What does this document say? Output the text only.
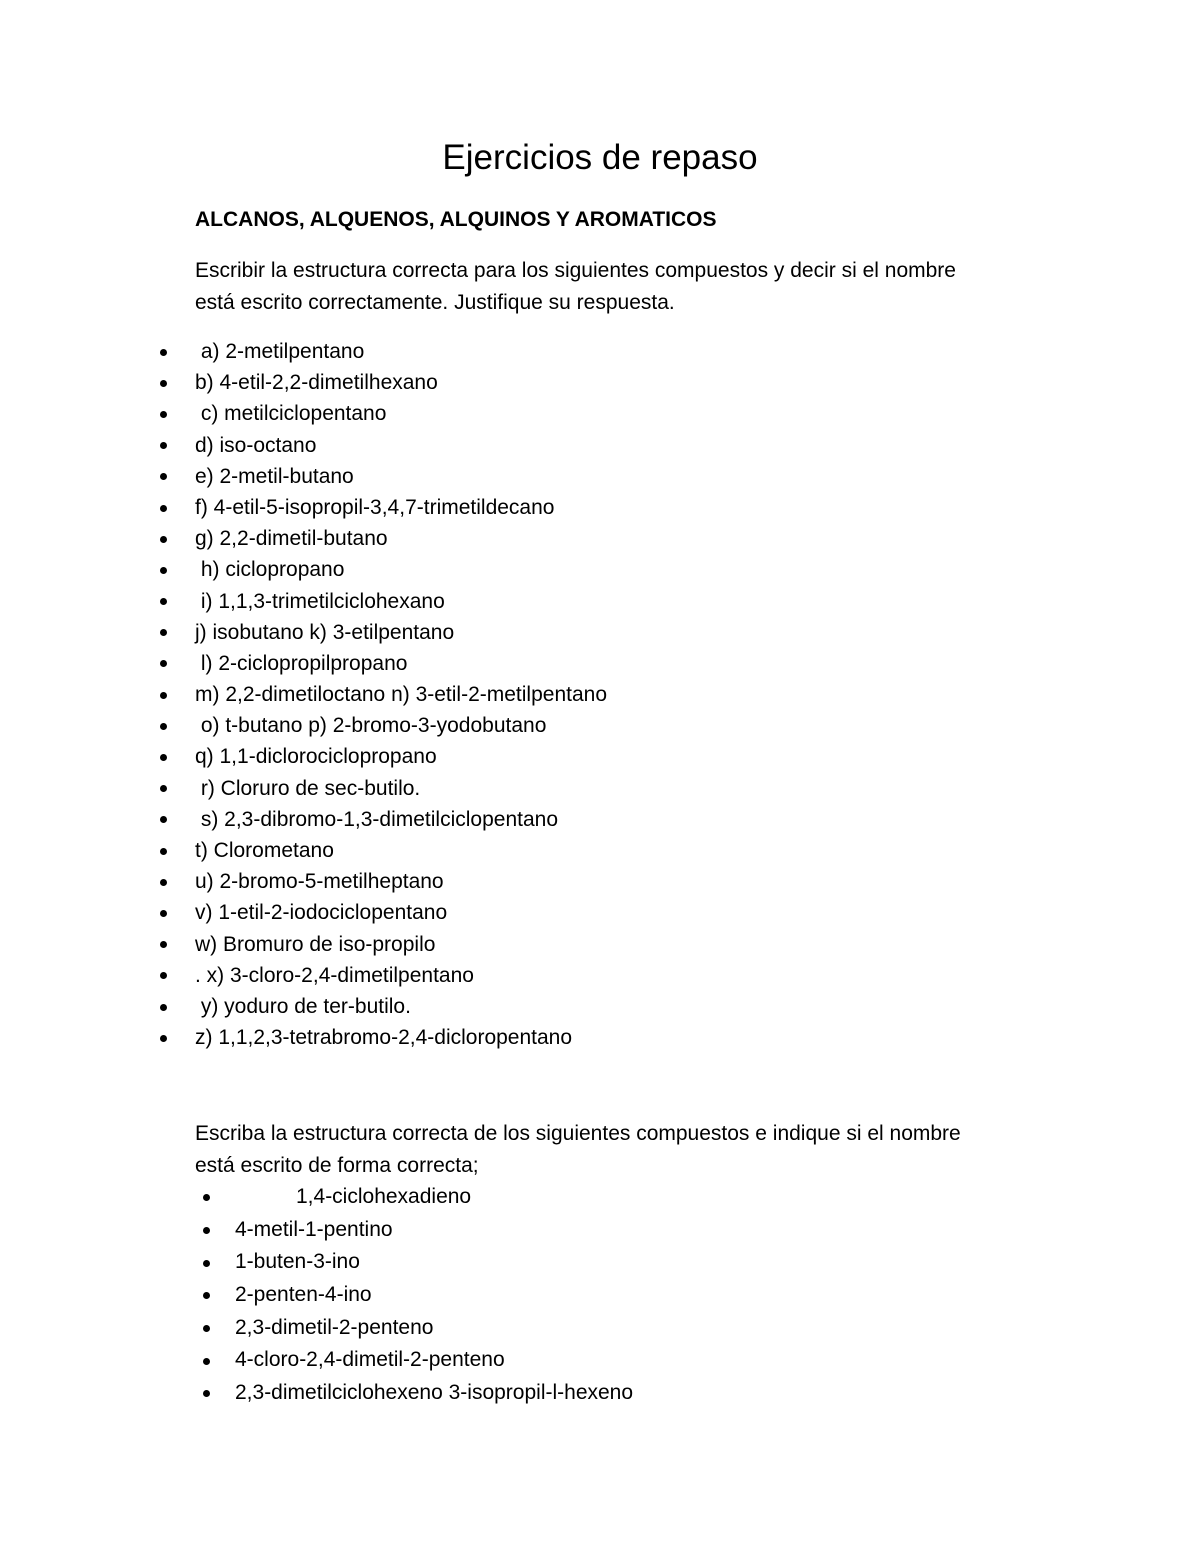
Ejercicios de repaso
ALCANOS, ALQUENOS, ALQUINOS Y AROMATICOS

Escribir la estructura correcta para los siguientes compuestos y decir si el nombre está escrito correctamente. Justifique su respuesta.

a) 2-metilpentano
b) 4-etil-2,2-dimetilhexano
c) metilciclopentano
d) iso-octano
e) 2-metil-butano
f) 4-etil-5-isopropil-3,4,7-trimetildecano
g) 2,2-dimetil-butano
h) ciclopropano
i) 1,1,3-trimetilciclohexano
j) isobutano k) 3-etilpentano
l) 2-ciclopropilpropano
m) 2,2-dimetiloctano n) 3-etil-2-metilpentano
o) t-butano p) 2-bromo-3-yodobutano
q) 1,1-diclorociclopropano
r) Cloruro de sec-butilo.
s) 2,3-dibromo-1,3-dimetilciclopentano
t) Clorometano
u) 2-bromo-5-metilheptano
v) 1-etil-2-iodociclopentano
w) Bromuro de iso-propilo
. x) 3-cloro-2,4-dimetilpentano
y) yoduro de ter-butilo.
z) 1,1,2,3-tetrabromo-2,4-dicloropentano

Escriba la estructura correcta de los siguientes compuestos e indique si el nombre está escrito de forma correcta;

1,4-ciclohexadieno
4-metil-1-pentino
1-buten-3-ino
2-penten-4-ino
2,3-dimetil-2-penteno
4-cloro-2,4-dimetil-2-penteno
2,3-dimetilciclohexeno 3-isopropil-l-hexeno
